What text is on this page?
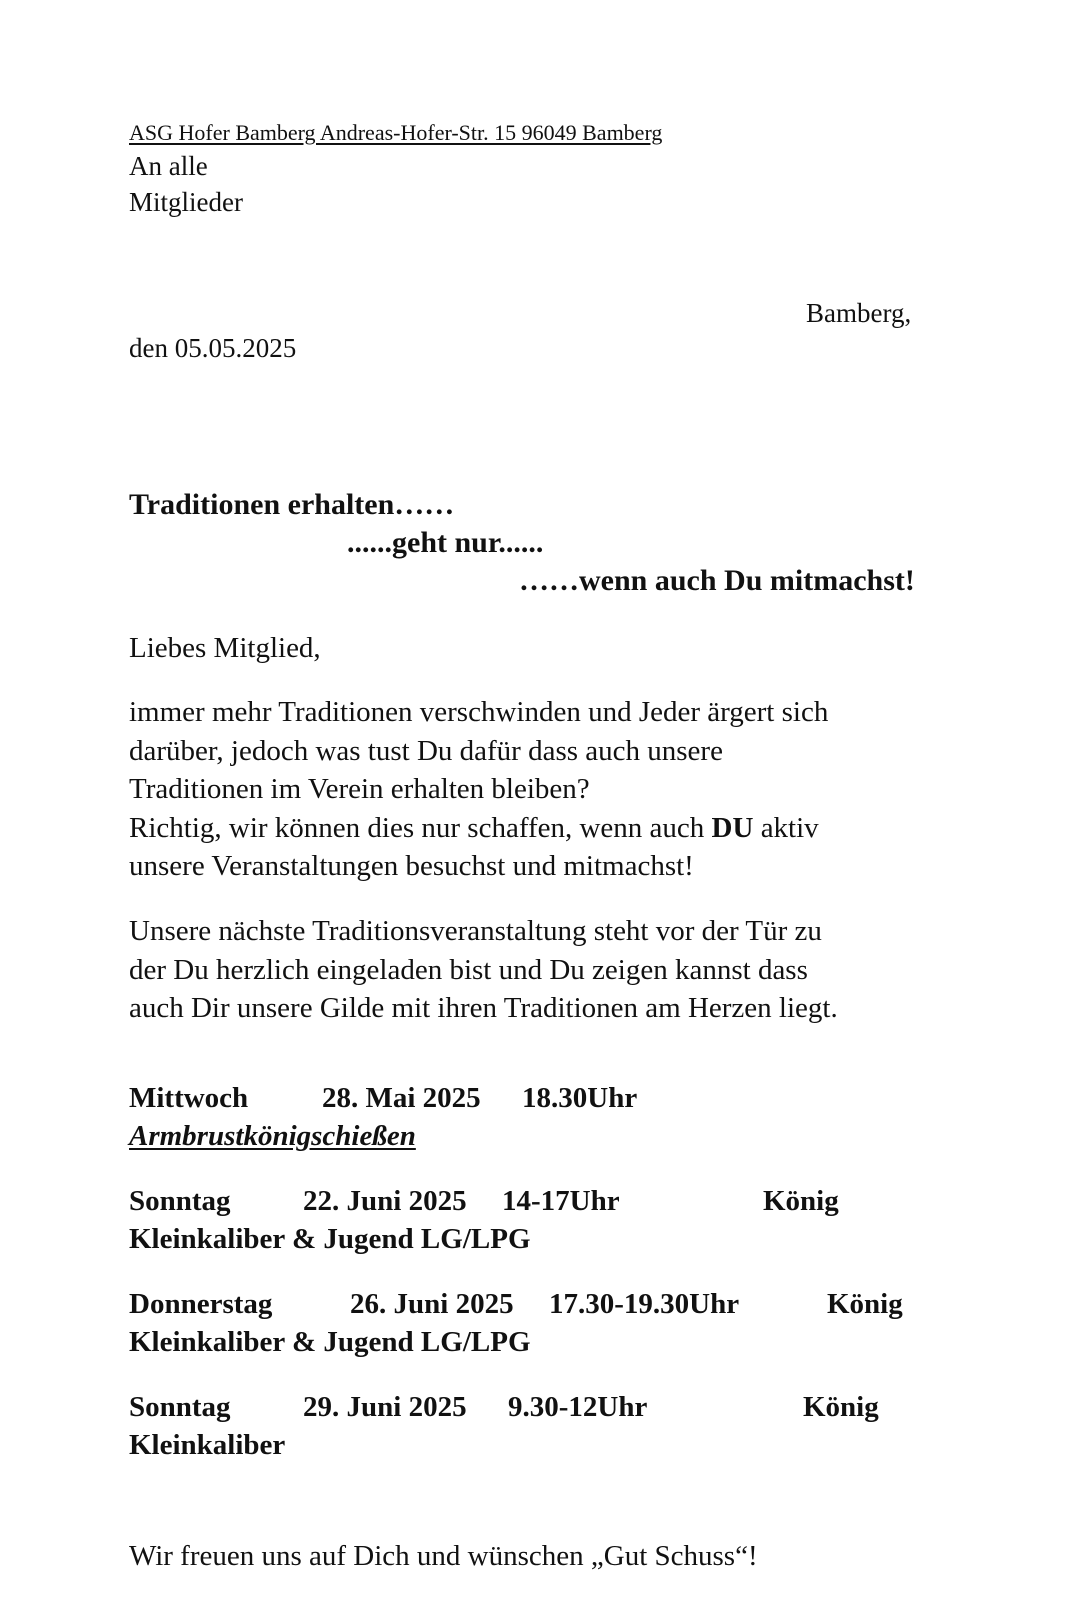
ASG Hofer Bamberg Andreas-Hofer-Str. 15 96049 Bamberg
An alle
Mitglieder
Bamberg,
den 05.05.2025
Traditionen erhalten……
......geht nur......
……wenn auch Du mitmachst!
Liebes Mitglied,
immer mehr Traditionen verschwinden und Jeder ärgert sich
darüber, jedoch was tust Du dafür dass auch unsere
Traditionen im Verein erhalten bleiben?
Richtig, wir können dies nur schaffen, wenn auch DU aktiv
unsere Veranstaltungen besuchst und mitmachst!
Unsere nächste Traditionsveranstaltung steht vor der Tür zu
der Du herzlich eingeladen bist und Du zeigen kannst dass
auch Dir unsere Gilde mit ihren Traditionen am Herzen liegt.
Mittwoch	28. Mai 2025 18.30Uhr
Armbrustkönigschießen
Sonntag 22. Juni 2025 14-17Uhr	König
Kleinkaliber & Jugend LG/LPG
Donnerstag	26. Juni 2025 17.30-19.30Uhr	König
Kleinkaliber & Jugend LG/LPG
Sonntag 29. Juni 2025 9.30-12Uhr	König
Kleinkaliber
Wir freuen uns auf Dich und wünschen „Gut Schuss“!
